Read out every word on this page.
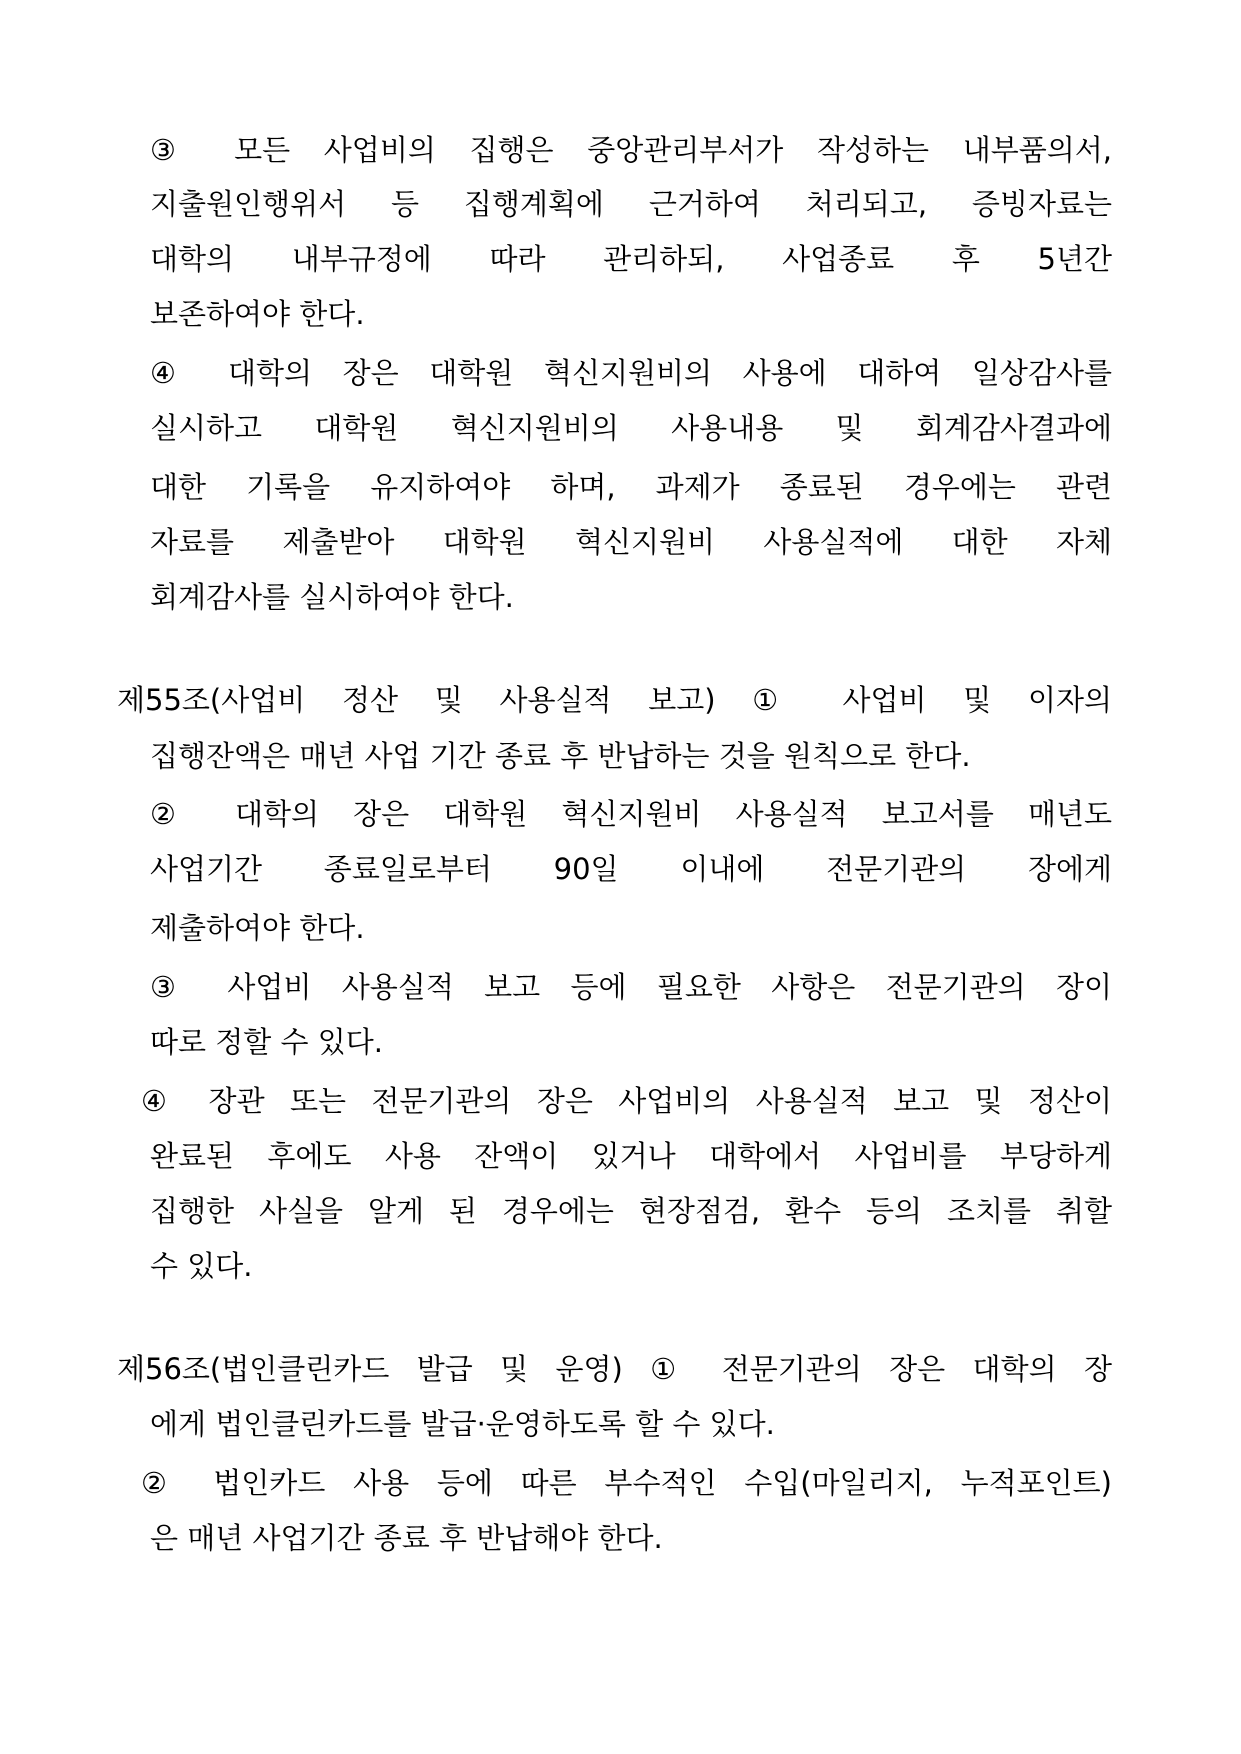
③ 모든 사업비의 집행은 중앙관리부서가 작성하는 내부품의서,
지출원인행위서 등 집행계획에 근거하여 처리되고, 증빙자료는
대학의 내부규정에 따라 관리하되, 사업종료 후 5년간
보존하여야 한다.
④ 대학의 장은 대학원 혁신지원비의 사용에 대하여 일상감사를
실시하고 대학원 혁신지원비의 사용내용 및 회계감사결과에
대한 기록을 유지하여야 하며, 과제가 종료된 경우에는 관련
자료를 제출받아 대학원 혁신지원비 사용실적에 대한 자체
회계감사를 실시하여야 한다.
제55조(사업비 정산 및 사용실적 보고) ① 사업비 및 이자의
집행잔액은 매년 사업 기간 종료 후 반납하는 것을 원칙으로 한다.
② 대학의 장은 대학원 혁신지원비 사용실적 보고서를 매년도
사업기간 종료일로부터 90일 이내에 전문기관의 장에게
제출하여야 한다.
③ 사업비 사용실적 보고 등에 필요한 사항은 전문기관의 장이
따로 정할 수 있다.
④ 장관 또는 전문기관의 장은 사업비의 사용실적 보고 및 정산이
완료된 후에도 사용 잔액이 있거나 대학에서 사업비를 부당하게
집행한 사실을 알게 된 경우에는 현장점검, 환수 등의 조치를 취할
수 있다.
제56조(법인클린카드 발급 및 운영) ① 전문기관의 장은 대학의 장
에게 법인클린카드를 발급·운영하도록 할 수 있다.
② 법인카드 사용 등에 따른 부수적인 수입(마일리지, 누적포인트)
은 매년 사업기간 종료 후 반납해야 한다.
